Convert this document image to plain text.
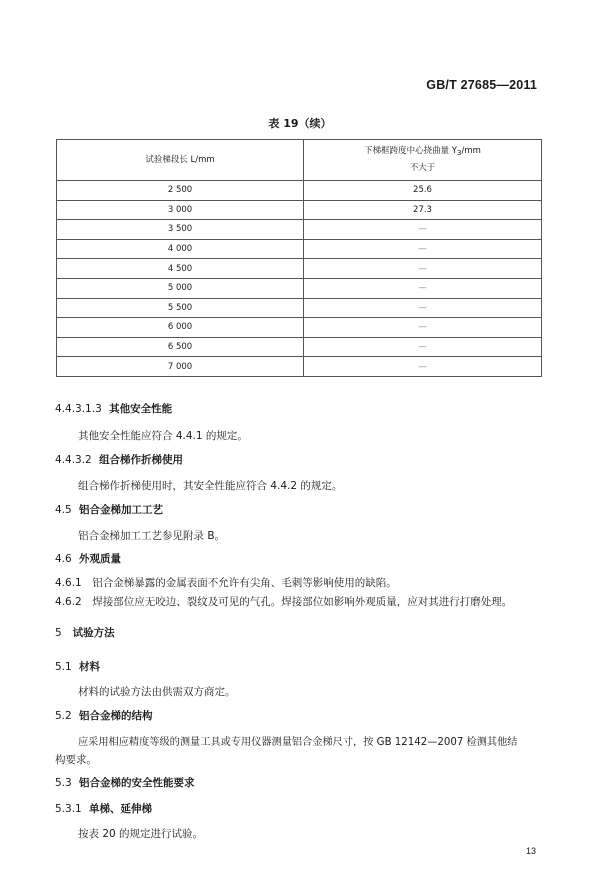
GB/T 27685—2011
表 19（续）
试验梯段长 L/mm	下梯框跨度中心挠曲量 $Y_3/mm$
不大于
2 500	25.6
3 000	27.3
3 500	—
4 000	—
4 500	—
5 000	—
5 500	—
6 000	—
6 500	—
7 000	—
4.4.3.1.3 其他安全性能
其他安全性能应符合 4.4.1 的规定。
4.4.3.2 组合梯作折梯使用
组合梯作折梯使用时，其安全性能应符合 4.4.2 的规定。
4.5 铝合金梯加工工艺
铝合金梯加工工艺参见附录 B。
4.6 外观质量
4.6.1　铝合金梯暴露的金属表面不允许有尖角、毛刺等影响使用的缺陷。
4.6.2　焊接部位应无咬边、裂纹及可见的气孔。焊接部位如影响外观质量，应对其进行打磨处理。
5 试验方法
5.1 材料
材料的试验方法由供需双方商定。
5.2 铝合金梯的结构
应采用相应精度等级的测量工具或专用仪器测量铝合金梯尺寸，按 GB 12142—2007 检测其他结
构要求。
5.3 铝合金梯的安全性能要求
5.3.1 单梯、延伸梯
按表 20 的规定进行试验。
13
